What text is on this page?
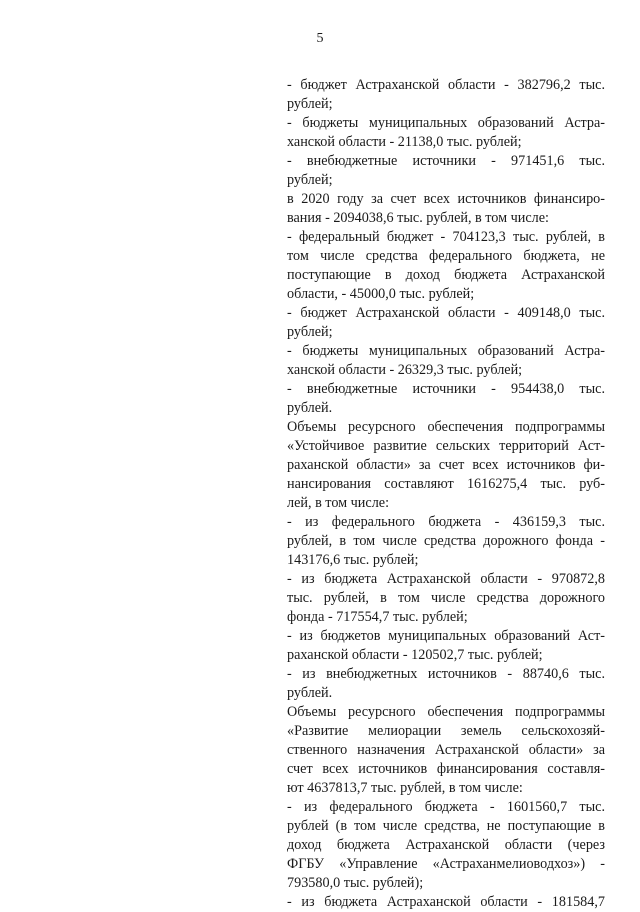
5
- бюджет Астраханской области - 382796,2 тыс.
рублей;
- бюджеты муниципальных образований Астра-
ханской области - 21138,0 тыс. рублей;
- внебюджетные источники - 971451,6 тыс.
рублей;
в 2020 году за счет всех источников финансиро-
вания - 2094038,6 тыс. рублей, в том числе:
- федеральный бюджет - 704123,3 тыс. рублей, в
том числе средства федерального бюджета, не
поступающие в доход бюджета Астраханской
области, - 45000,0 тыс. рублей;
- бюджет Астраханской области - 409148,0 тыс.
рублей;
- бюджеты муниципальных образований Астра-
ханской области - 26329,3 тыс. рублей;
- внебюджетные источники - 954438,0 тыс.
рублей.
Объемы ресурсного обеспечения подпрограммы
«Устойчивое развитие сельских территорий Аст-
раханской области» за счет всех источников фи-
нансирования составляют 1616275,4 тыс. руб-
лей, в том числе:
- из федерального бюджета - 436159,3 тыс.
рублей, в том числе средства дорожного фонда -
143176,6 тыс. рублей;
- из бюджета Астраханской области - 970872,8
тыс. рублей, в том числе средства дорожного
фонда - 717554,7 тыс. рублей;
- из бюджетов муниципальных образований Аст-
раханской области - 120502,7 тыс. рублей;
- из внебюджетных источников - 88740,6 тыс.
рублей.
Объемы ресурсного обеспечения подпрограммы
«Развитие мелиорации земель сельскохозяй-
ственного назначения Астраханской области» за
счет всех источников финансирования составля-
ют 4637813,7 тыс. рублей, в том числе:
- из федерального бюджета - 1601560,7 тыс.
рублей (в том числе средства, не поступающие в
доход бюджета Астраханской области (через
ФГБУ «Управление «Астраханмелиоводхоз») -
793580,0 тыс. рублей);
- из бюджета Астраханской области - 181584,7
